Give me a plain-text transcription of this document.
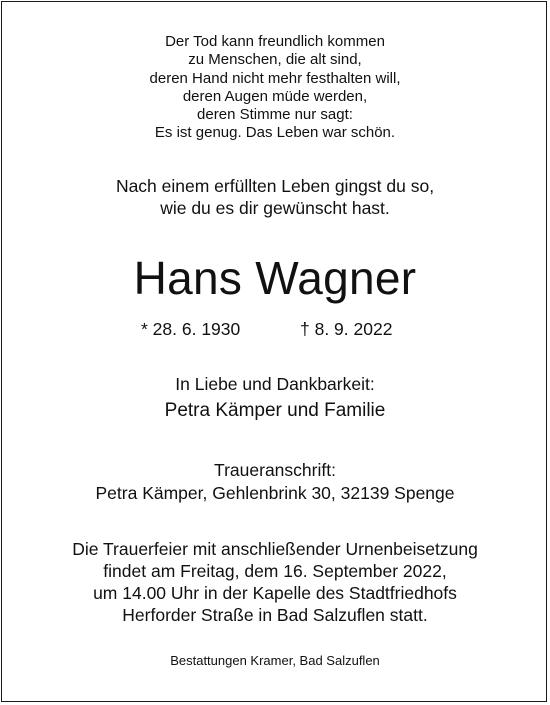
Der Tod kann freundlich kommen
zu Menschen, die alt sind,
deren Hand nicht mehr festhalten will,
deren Augen müde werden,
deren Stimme nur sagt:
Es ist genug. Das Leben war schön.
Nach einem erfüllten Leben gingst du so,
wie du es dir gewünscht hast.
Hans Wagner
* 28. 6. 1930	† 8. 9. 2022
In Liebe und Dankbarkeit:
Petra Kämper und Familie
Traueranschrift:
Petra Kämper, Gehlenbrink 30, 32139 Spenge
Die Trauerfeier mit anschließender Urnenbeisetzung
findet am Freitag, dem 16. September 2022,
um 14.00 Uhr in der Kapelle des Stadtfriedhofs
Herforder Straße in Bad Salzuflen statt.
Bestattungen Kramer, Bad Salzuflen
